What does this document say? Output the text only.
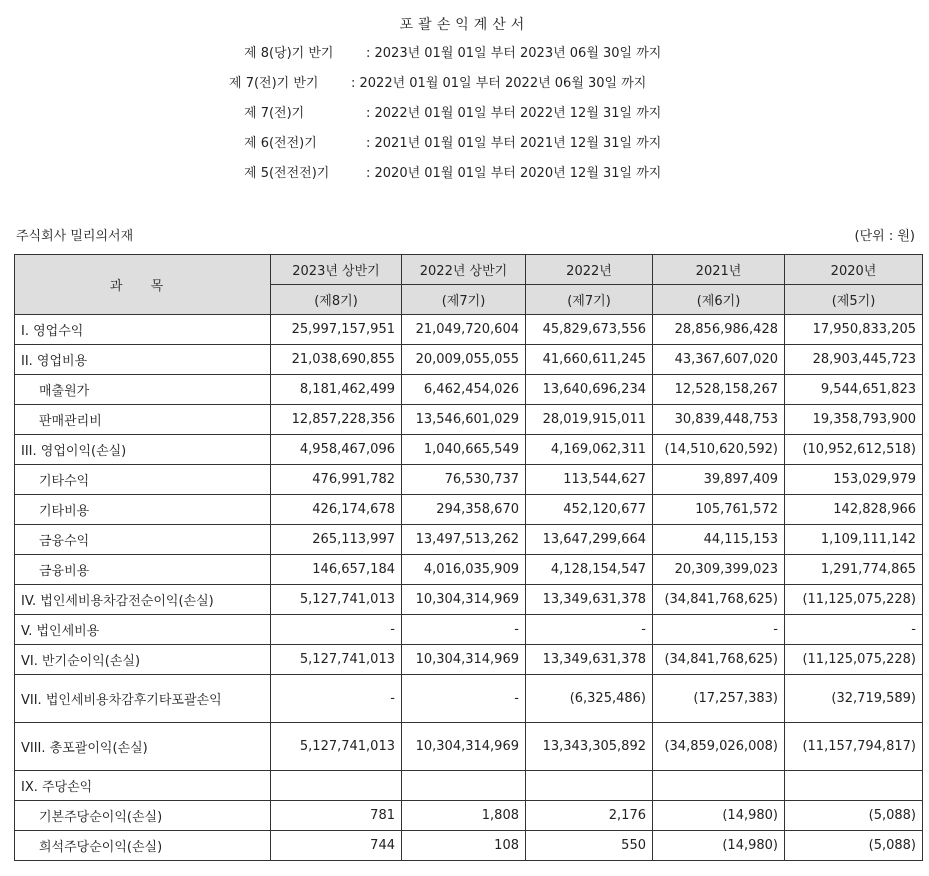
포괄손익계산서
제 8(당)기 반기	: 2023년 01월 01일 부터 2023년 06월 30일 까지
제 7(전)기 반기	: 2022년 01월 01일 부터 2022년 06월 30일 까지
제 7(전)기	: 2022년 01월 01일 부터 2022년 12월 31일 까지
제 6(전전)기	: 2021년 01월 01일 부터 2021년 12월 31일 까지
제 5(전전전)기	: 2020년 01월 01일 부터 2020년 12월 31일 까지
주식회사 밀리의서재	(단위 : 원)
과 목	2023년 상반기	2022년 상반기	2022년	2021년	2020년
	(제8기)	(제7기)	(제7기)	(제6기)	(제5기)
I. 영업수익	25,997,157,951	21,049,720,604	45,829,673,556	28,856,986,428	17,950,833,205
II. 영업비용	21,038,690,855	20,009,055,055	41,660,611,245	43,367,607,020	28,903,445,723
매출원가	8,181,462,499	6,462,454,026	13,640,696,234	12,528,158,267	9,544,651,823
판매관리비	12,857,228,356	13,546,601,029	28,019,915,011	30,839,448,753	19,358,793,900
III. 영업이익(손실)	4,958,467,096	1,040,665,549	4,169,062,311	(14,510,620,592)	(10,952,612,518)
기타수익	476,991,782	76,530,737	113,544,627	39,897,409	153,029,979
기타비용	426,174,678	294,358,670	452,120,677	105,761,572	142,828,966
금융수익	265,113,997	13,497,513,262	13,647,299,664	44,115,153	1,109,111,142
금융비용	146,657,184	4,016,035,909	4,128,154,547	20,309,399,023	1,291,774,865
IV. 법인세비용차감전순이익(손실)	5,127,741,013	10,304,314,969	13,349,631,378	(34,841,768,625)	(11,125,075,228)
V. 법인세비용	-	-	-	-	-
VI. 반기순이익(손실)	5,127,741,013	10,304,314,969	13,349,631,378	(34,841,768,625)	(11,125,075,228)
VII. 법인세비용차감후기타포괄손익	-	-	(6,325,486)	(17,257,383)	(32,719,589)
VIII. 총포괄이익(손실)	5,127,741,013	10,304,314,969	13,343,305,892	(34,859,026,008)	(11,157,794,817)
IX. 주당손익					
기본주당순이익(손실)	781	1,808	2,176	(14,980)	(5,088)
희석주당순이익(손실)	744	108	550	(14,980)	(5,088)
